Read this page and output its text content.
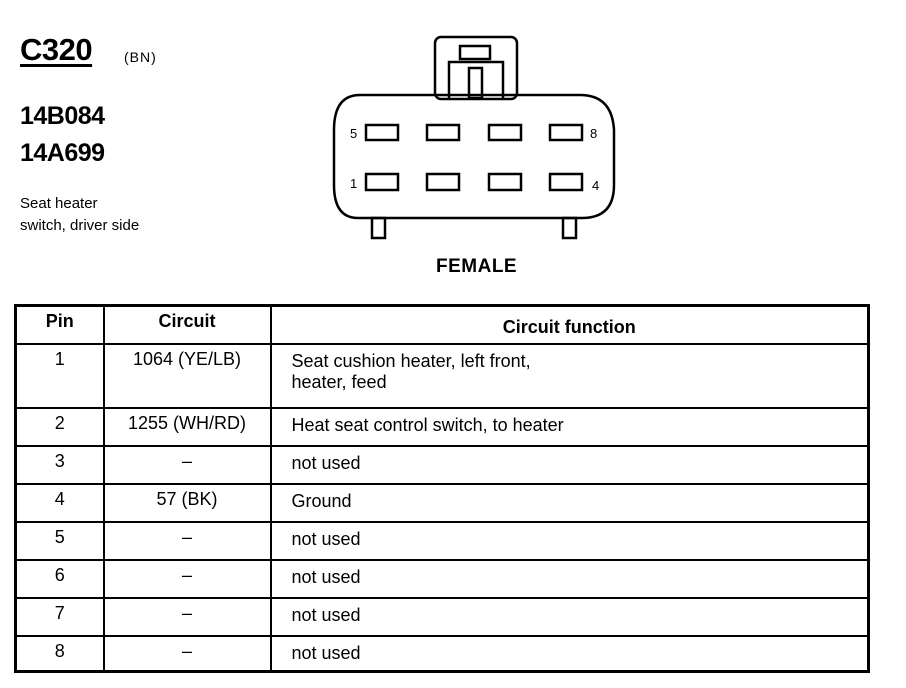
C320 (BN)
14B084
14A699
Seat heater
switch, driver side
5	8
1	4
FEMALE
Pin	Circuit	Circuit function
1	1064 (YE/LB)	Seat cushion heater, left front,
heater, feed

2	1255 (WH/RD)	Heat seat control switch, to heater

3	–	not used

4	57 (BK)	Ground

5	–	not used

6	–	not used

7	–	not used

8	–	not used
